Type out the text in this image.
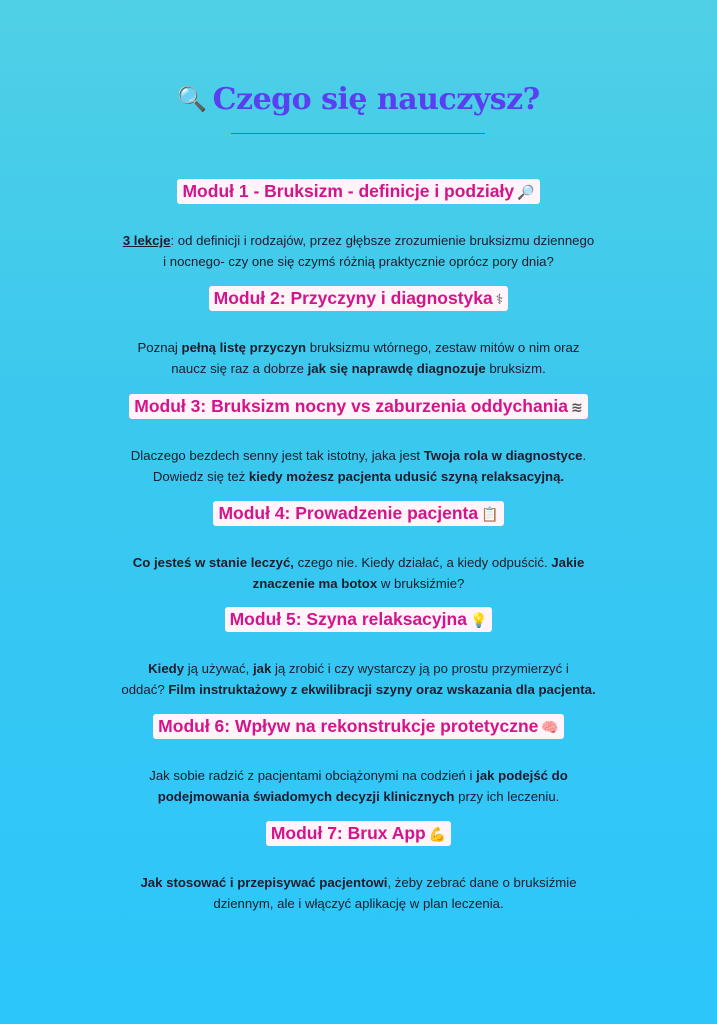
🔍 Czego się nauczysz?
Moduł 1 - Bruksizm - definicje i podziały 🔎
3 lekcje: od definicji i rodzajów, przez głębsze zrozumienie bruksizmu dziennego
i nocnego- czy one się czymś różnią praktycznie oprócz pory dnia?
Moduł 2: Przyczyny i diagnostyka ⚕
Poznaj pełną listę przyczyn bruksizmu wtórnego, zestaw mitów o nim oraz
naucz się raz a dobrze jak się naprawdę diagnozuje bruksizm.
Moduł 3: Bruksizm nocny vs zaburzenia oddychania ≋
Dlaczego bezdech senny jest tak istotny, jaka jest Twoja rola w diagnostyce.
Dowiedz się też kiedy możesz pacjenta udusić szyną relaksacyjną.
Moduł 4: Prowadzenie pacjenta 📋
Co jesteś w stanie leczyć, czego nie. Kiedy działać, a kiedy odpuścić. Jakie
znaczenie ma botox w bruksiźmie?
Moduł 5: Szyna relaksacyjna 💡
Kiedy ją używać, jak ją zrobić i czy wystarczy ją po prostu przymierzyć i
oddać? Film instruktażowy z ekwilibracji szyny oraz wskazania dla pacjenta.
Moduł 6: Wpływ na rekonstrukcje protetyczne 🧠
Jak sobie radzić z pacjentami obciążonymi na codzień i jak podejść do
podejmowania świadomych decyzji klinicznych przy ich leczeniu.
Moduł 7: Brux App 💪
Jak stosować i przepisywać pacjentowi, żeby zebrać dane o bruksiźmie
dziennym, ale i włączyć aplikację w plan leczenia.
